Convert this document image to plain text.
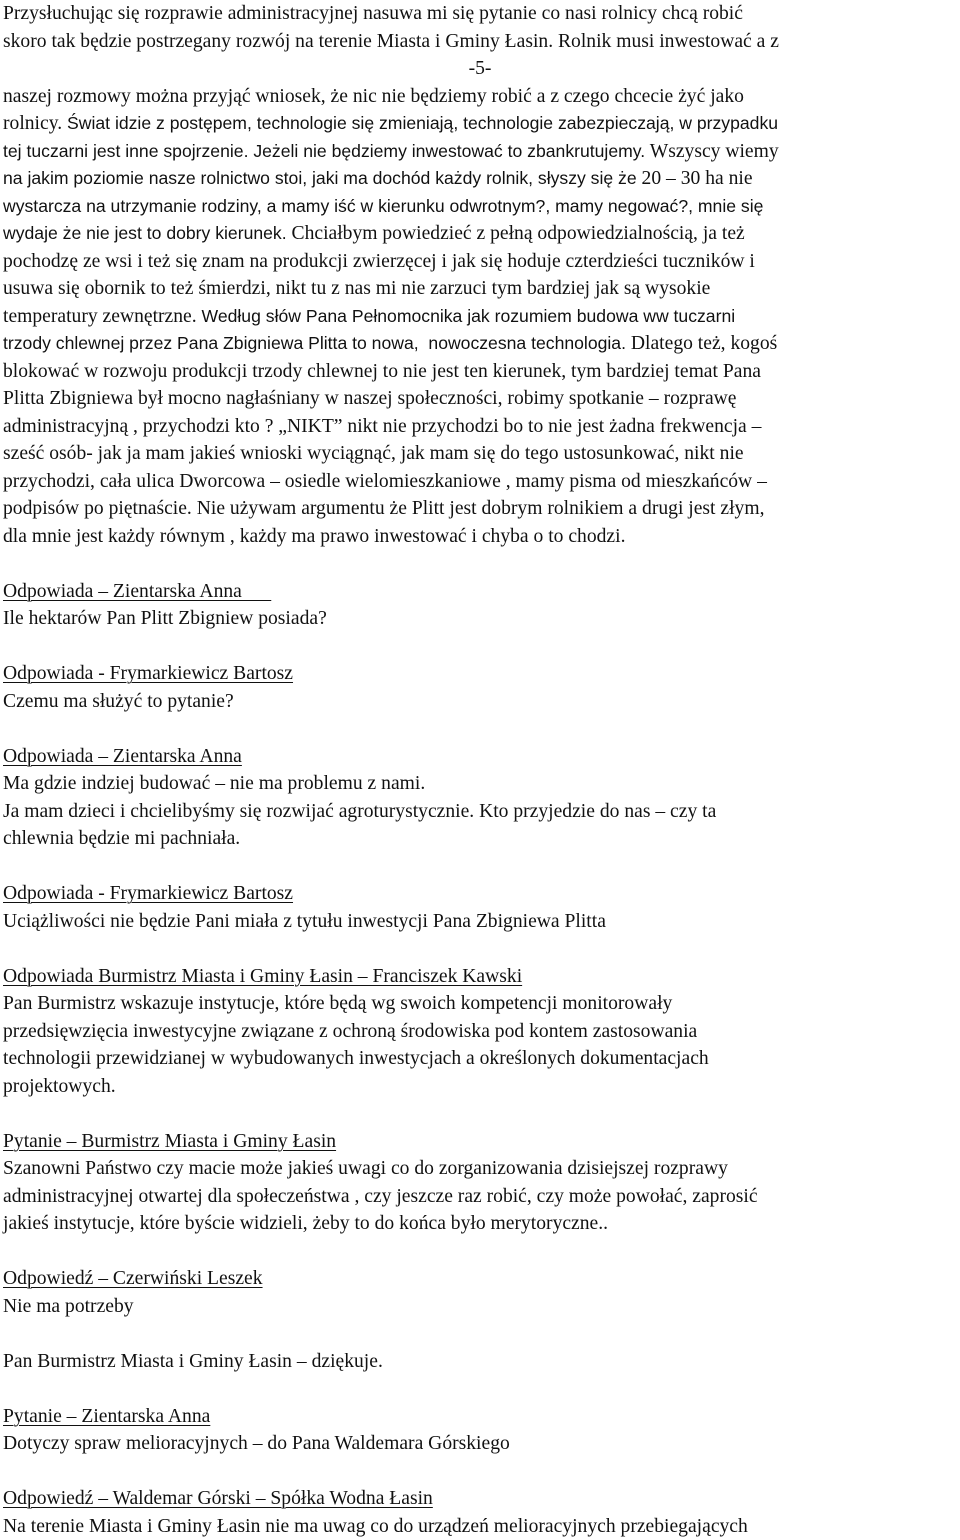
Przysłuchując się rozprawie administracyjnej nasuwa mi się pytanie co nasi rolnicy chcą robić
skoro tak będzie postrzegany rozwój na terenie Miasta i Gminy Łasin. Rolnik musi inwestować a z
-5-
naszej rozmowy można przyjąć wniosek, że nic nie będziemy robić a z czego chcecie żyć jako
rolnicy. Świat idzie z postępem, technologie się zmieniają, technologie zabezpieczają, w przypadku
tej tuczarni jest inne spojrzenie. Jeżeli nie będziemy inwestować to zbankrutujemy. Wszyscy wiemy
na jakim poziomie nasze rolnictwo stoi, jaki ma dochód każdy rolnik, słyszy się że 20 – 30 ha nie
wystarcza na utrzymanie rodziny, a mamy iść w kierunku odwrotnym?, mamy negować?, mnie się
wydaje że nie jest to dobry kierunek. Chciałbym powiedzieć z pełną odpowiedzialnością, ja też
pochodzę ze wsi i też się znam na produkcji zwierzęcej i jak się hoduje czterdzieści tuczników i
usuwa się obornik to też śmierdzi, nikt tu z nas mi nie zarzuci tym bardziej jak są wysokie
temperatury zewnętrzne. Według słów Pana Pełnomocnika jak rozumiem budowa ww tuczarni
trzody chlewnej przez Pana Zbigniewa Plitta to nowa,  nowoczesna technologia. Dlatego też, kogoś
blokować w rozwoju produkcji trzody chlewnej to nie jest ten kierunek, tym bardziej temat Pana
Plitta Zbigniewa był mocno nagłaśniany w naszej społeczności, robimy spotkanie – rozprawę
administracyjną , przychodzi kto ? „NIKT” nikt nie przychodzi bo to nie jest żadna frekwencja –
sześć osób- jak ja mam jakieś wnioski wyciągnąć, jak mam się do tego ustosunkować, nikt nie
przychodzi, cała ulica Dworcowa – osiedle wielomieszkaniowe , mamy pisma od mieszkańców –
podpisów po piętnaście. Nie używam argumentu że Plitt jest dobrym rolnikiem a drugi jest złym,
dla mnie jest każdy równym , każdy ma prawo inwestować i chyba o to chodzi.
Odpowiada – Zientarska Anna
Ile hektarów Pan Plitt Zbigniew posiada?
Odpowiada - Frymarkiewicz Bartosz
Czemu ma służyć to pytanie?
Odpowiada – Zientarska Anna
Ma gdzie indziej budować – nie ma problemu z nami.
Ja mam dzieci i chcielibyśmy się rozwijać agroturystycznie. Kto przyjedzie do nas – czy ta
chlewnia będzie mi pachniała.
Odpowiada - Frymarkiewicz Bartosz
Uciążliwości nie będzie Pani miała z tytułu inwestycji Pana Zbigniewa Plitta
Odpowiada Burmistrz Miasta i Gminy Łasin – Franciszek Kawski
Pan Burmistrz wskazuje instytucje, które będą wg swoich kompetencji monitorowały
przedsięwzięcia inwestycyjne związane z ochroną środowiska pod kontem zastosowania
technologii przewidzianej w wybudowanych inwestycjach a określonych dokumentacjach
projektowych.
Pytanie – Burmistrz Miasta i Gminy Łasin
Szanowni Państwo czy macie może jakieś uwagi co do zorganizowania dzisiejszej rozprawy
administracyjnej otwartej dla społeczeństwa , czy jeszcze raz robić, czy może powołać, zaprosić
jakieś instytucje, które byście widzieli, żeby to do końca było merytoryczne..
Odpowiedź – Czerwiński Leszek
Nie ma potrzeby
Pan Burmistrz Miasta i Gminy Łasin – dziękuje.
Pytanie – Zientarska Anna
Dotyczy spraw melioracyjnych – do Pana Waldemara Górskiego
Odpowiedź – Waldemar Górski – Spółka Wodna Łasin
Na terenie Miasta i Gminy Łasin nie ma uwag co do urządzeń melioracyjnych przebiegających
